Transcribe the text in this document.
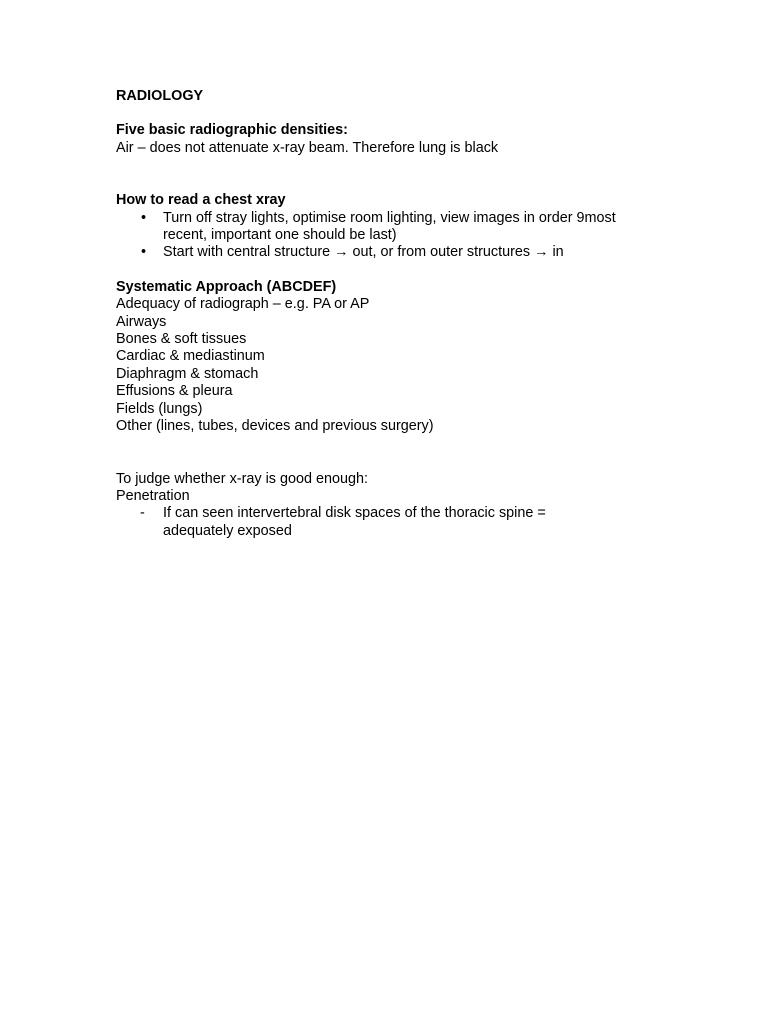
RADIOLOGY
Five basic radiographic densities:
Air – does not attenuate x-ray beam. Therefore lung is black
How to read a chest xray
• Turn off stray lights, optimise room lighting, view images in order 9most recent, important one should be last)
• Start with central structure → out, or from outer structures → in
Systematic Approach (ABCDEF)
Adequacy of radiograph – e.g. PA or AP
Airways
Bones & soft tissues
Cardiac & mediastinum
Diaphragm & stomach
Effusions & pleura
Fields (lungs)
Other (lines, tubes, devices and previous surgery)
To judge whether x-ray is good enough:
Penetration
- If can seen intervertebral disk spaces of the thoracic spine = adequately exposed
